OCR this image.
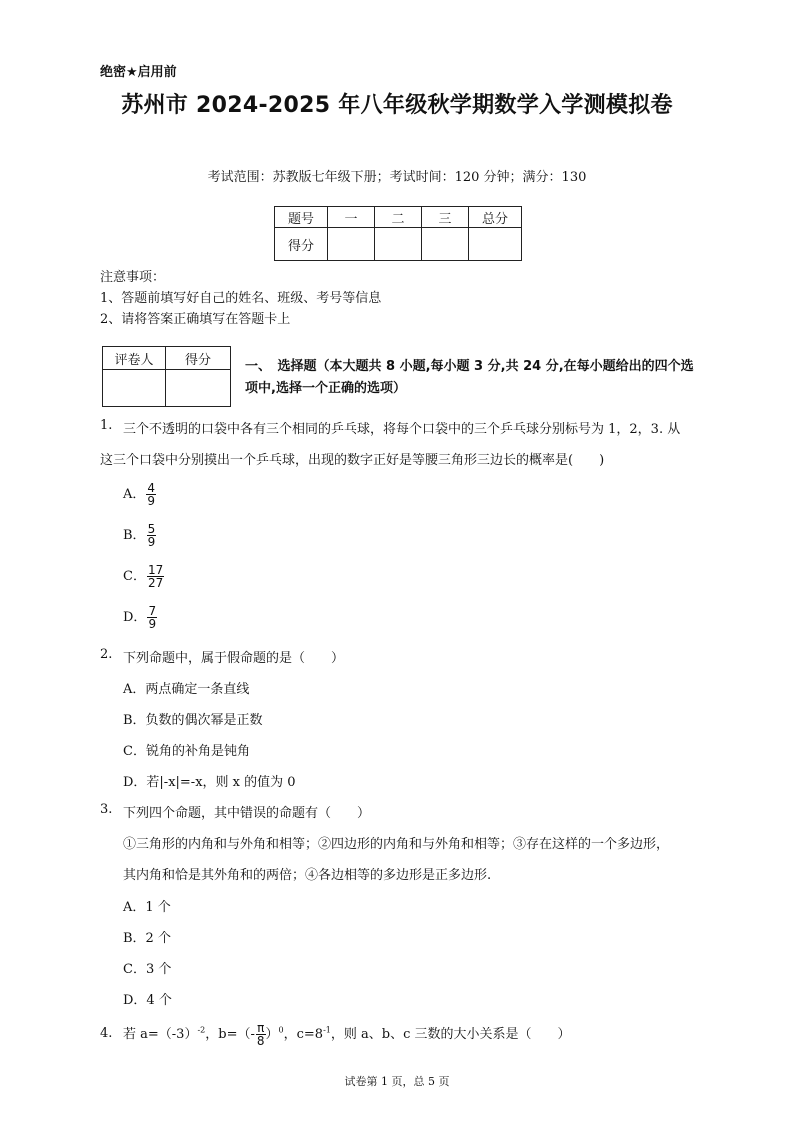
绝密★启用前
苏州市 2024-2025 年八年级秋学期数学入学测模拟卷
考试范围：苏教版七年级下册；考试时间：120 分钟；满分：130
题号	一	二	三	总分
得分				
注意事项：
1、答题前填写好自己的姓名、班级、考号等信息
2、请将答案正确填写在答题卡上
评卷人	得分
		一、　选择题（本大题共 8 小题,每小题 3 分,共 24 分,在每小题给出的四个选项中,选择一个正确的选项）
1. 三个不透明的口袋中各有三个相同的乒乓球，将每个口袋中的三个乒乓球分别标号为 1，2，3. 从
这三个口袋中分别摸出一个乒乓球，出现的数字正好是等腰三角形三边长的概率是(　　)
A． $\frac{4}{9}$
B． $\frac{5}{9}$
C． $\frac{17}{27}$
D． $\frac{7}{9}$
2. 下列命题中，属于假命题的是（　　）
A．两点确定一条直线
B．负数的偶次幂是正数
C．锐角的补角是钝角
D．若|-x|=-x，则 x 的值为 0
3. 下列四个命题，其中错误的命题有（　　）
①三角形的内角和与外角和相等；②四边形的内角和与外角和相等；③存在这样的一个多边形，
其内角和恰是其外角和的两倍；④各边相等的多边形是正多边形.
A．1 个
B．2 个
C．3 个
D．4 个
4. 若 $a=(-3)^{-2}$，$b=(- \frac{\pi}{8} )^0$，$c=8^{-1}$，则 a、b、c 三数的大小关系是（　　）
试卷第 1 页，总 5 页
